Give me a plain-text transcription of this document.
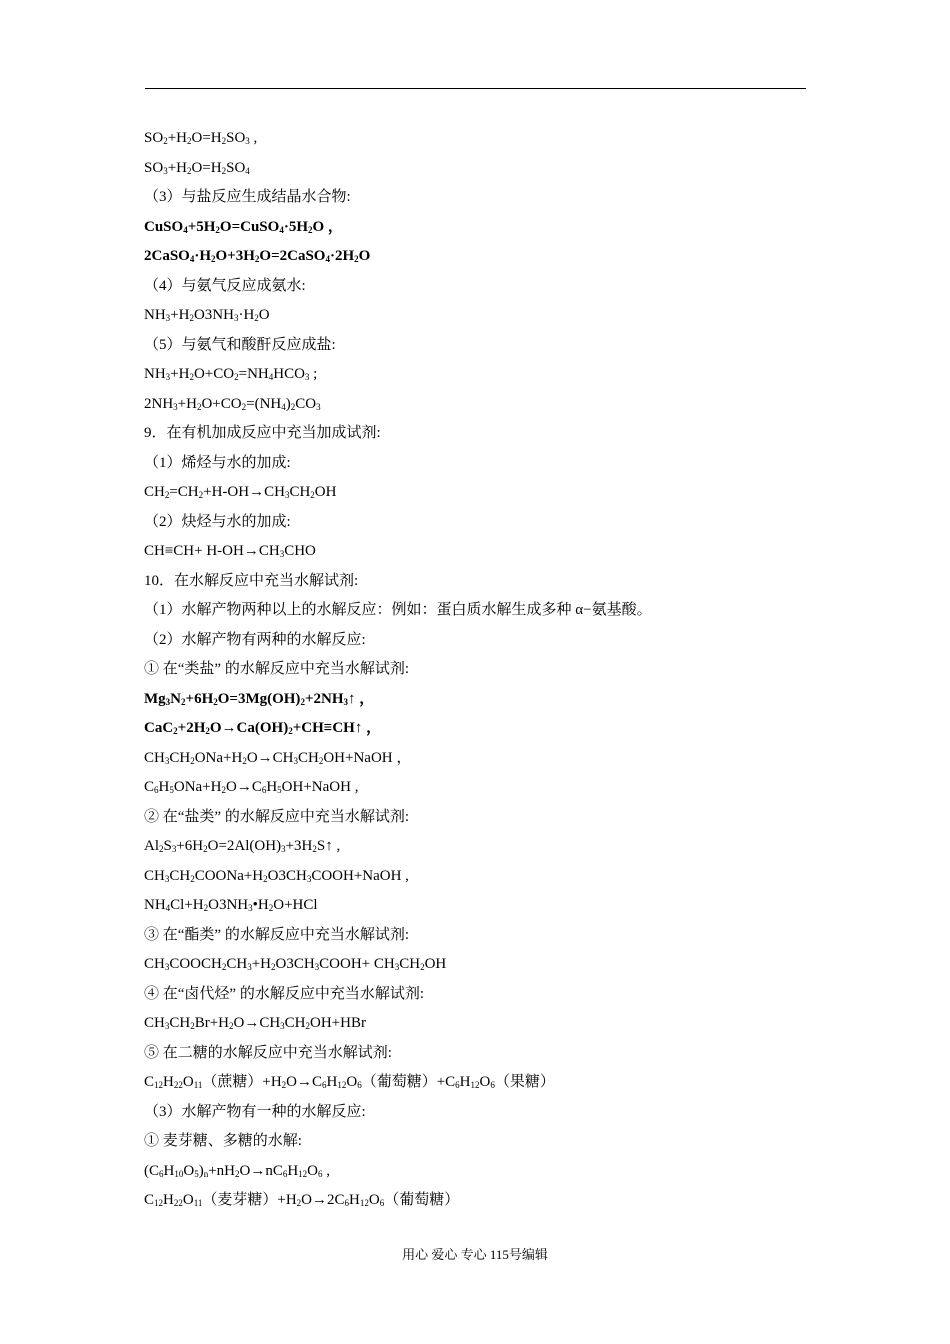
$SO_2+H_2O=H_2SO_3$ ,
$SO_3+H_2O=H_2SO_4$
（3）与盐反应生成结晶水合物:
$CuSO_4+5H_2O=CuSO_4\cdot 5H_2O$ ，
$2CaSO_4\cdot H_2O+3H_2O=2CaSO_4\cdot 2H_2O$
（4）与氨气反应成氨水:
$NH_3+H_2O3NH_3\cdot H_2O$
（5）与氨气和酸酐反应成盐:
$NH_3+H_2O+CO_2=NH_4HCO_3$ ;
$2NH_3+H_2O+CO_2=(NH_4)_2CO_3$
9．在有机加成反应中充当加成试剂:
（1）烯烃与水的加成:
$CH_2=CH_2+H-OH\to CH_3CH_2OH$
（2）炔烃与水的加成:
$CH\equiv CH+ H-OH\to CH_3CHO$
10．在水解反应中充当水解试剂:
（1）水解产物两种以上的水解反应：例如：蛋白质水解生成多种 α−氨基酸。
（2）水解产物有两种的水解反应:
① 在“类盐” 的水解反应中充当水解试剂:
$Mg_3N_2+6H_2O=3Mg(OH)_2+2NH_3↑$ ，
$CaC_2+2H_2O\to Ca(OH)_2+CH\equiv CH↑$ ，
$CH_3CH_2ONa+H_2O\to CH_3CH_2OH+NaOH$ ，
$C_6H_5ONa+H_2O\to C_6H_5OH+NaOH$ ,
② 在“盐类” 的水解反应中充当水解试剂:
$Al_2S_3+6H_2O=2Al(OH)_3+3H_2S↑$ ,
$CH_3CH_2COONa+H_2O3CH_3COOH+NaOH$ ,
$NH_4Cl+H_2O3NH_3•H_2O+HCl$
③ 在“酯类” 的水解反应中充当水解试剂:
$CH_3COOCH_2CH_3+H_2O3CH_3COOH+ CH_3CH_2OH$
④ 在“卤代烃” 的水解反应中充当水解试剂:
$CH_3CH_2Br+H_2O\to CH_3CH_2OH+HBr$
⑤ 在二糖的水解反应中充当水解试剂:
$C_{12}H_{22}O_{11}$（蔗糖）$+H_2O\to C_6H_{12}O_6$（葡萄糖）$+C_6H_{12}O_6$（果糖）
（3）水解产物有一种的水解反应:
① 麦芽糖、多糖的水解:
$(C_6H_{10}O_5)_n+nH_2O\to nC_6H_{12}O_6$ ,
$C_{12}H_{22}O_{11}$（麦芽糖）$+H_2O\to 2C_6H_{12}O_6$（葡萄糖）
用心 爱心 专心 115号编辑
